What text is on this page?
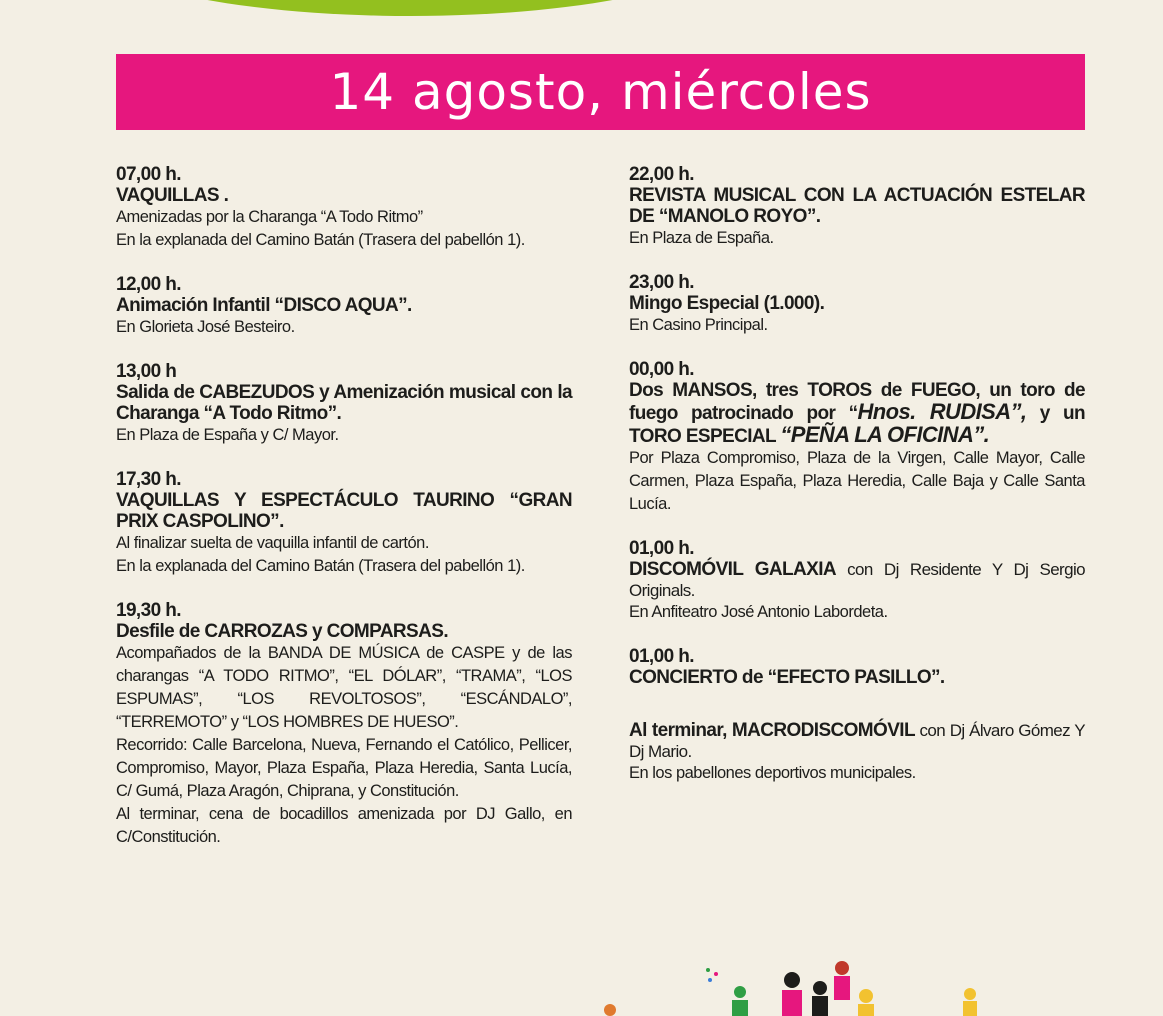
14 agosto, miércoles
07,00 h.
VAQUILLAS .

Amenizadas por la Charanga “A Todo Ritmo”

En la explanada del Camino Batán (Trasera del pabellón 1).

12,00 h.
Animación Infantil “DISCO AQUA”.

En Glorieta José Besteiro.

13,00 h
Salida de CABEZUDOS y Amenización musical con la Charanga “A Todo Ritmo”.

En Plaza de España y C/ Mayor.

17,30 h.
VAQUILLAS Y ESPECTÁCULO TAURINO “GRAN PRIX CASPOLINO”.

Al finalizar suelta de vaquilla infantil de cartón.

En la explanada del Camino Batán (Trasera del pabellón 1).

19,30 h.
Desfile de CARROZAS y COMPARSAS.

Acompañados de la BANDA DE MÚSICA de CASPE y de las charangas “A TODO RITMO”, “EL DÓLAR”, “TRAMA”, “LOS ESPUMAS”, “LOS REVOLTOSOS”, “ESCÁNDALO”, “TERREMOTO” y “LOS HOMBRES DE HUESO”.

Recorrido: Calle Barcelona, Nueva, Fernando el Católico, Pellicer, Compromiso, Mayor, Plaza España, Plaza Heredia, Santa Lucía, C/ Gumá, Plaza Aragón, Chiprana, y Constitución.

Al terminar, cena de bocadillos amenizada por DJ Gallo, en C/Constitución.

22,00 h.
REVISTA MUSICAL CON LA ACTUACIÓN ESTELAR DE “MANOLO ROYO”.
En Plaza de España.
23,00 h.
Mingo Especial (1.000).
En Casino Principal.
00,00 h.
Dos MANSOS, tres TOROS de FUEGO, un toro de fuego patrocinado por “Hnos. RUDISA”, y un TORO ESPECIAL “PEÑA LA OFICINA”.
Por Plaza Compromiso, Plaza de la Virgen, Calle Mayor, Calle Carmen, Plaza España, Plaza Heredia, Calle Baja y Calle Santa Lucía.
01,00 h.
DISCOMÓVIL GALAXIA con Dj Residente Y Dj Sergio Originals.
En Anfiteatro José Antonio Labordeta.
01,00 h.
CONCIERTO de “EFECTO PASILLO”.
Al terminar, MACRODISCOMÓVIL con Dj Álvaro Gómez Y Dj Mario.
En los pabellones deportivos municipales.
